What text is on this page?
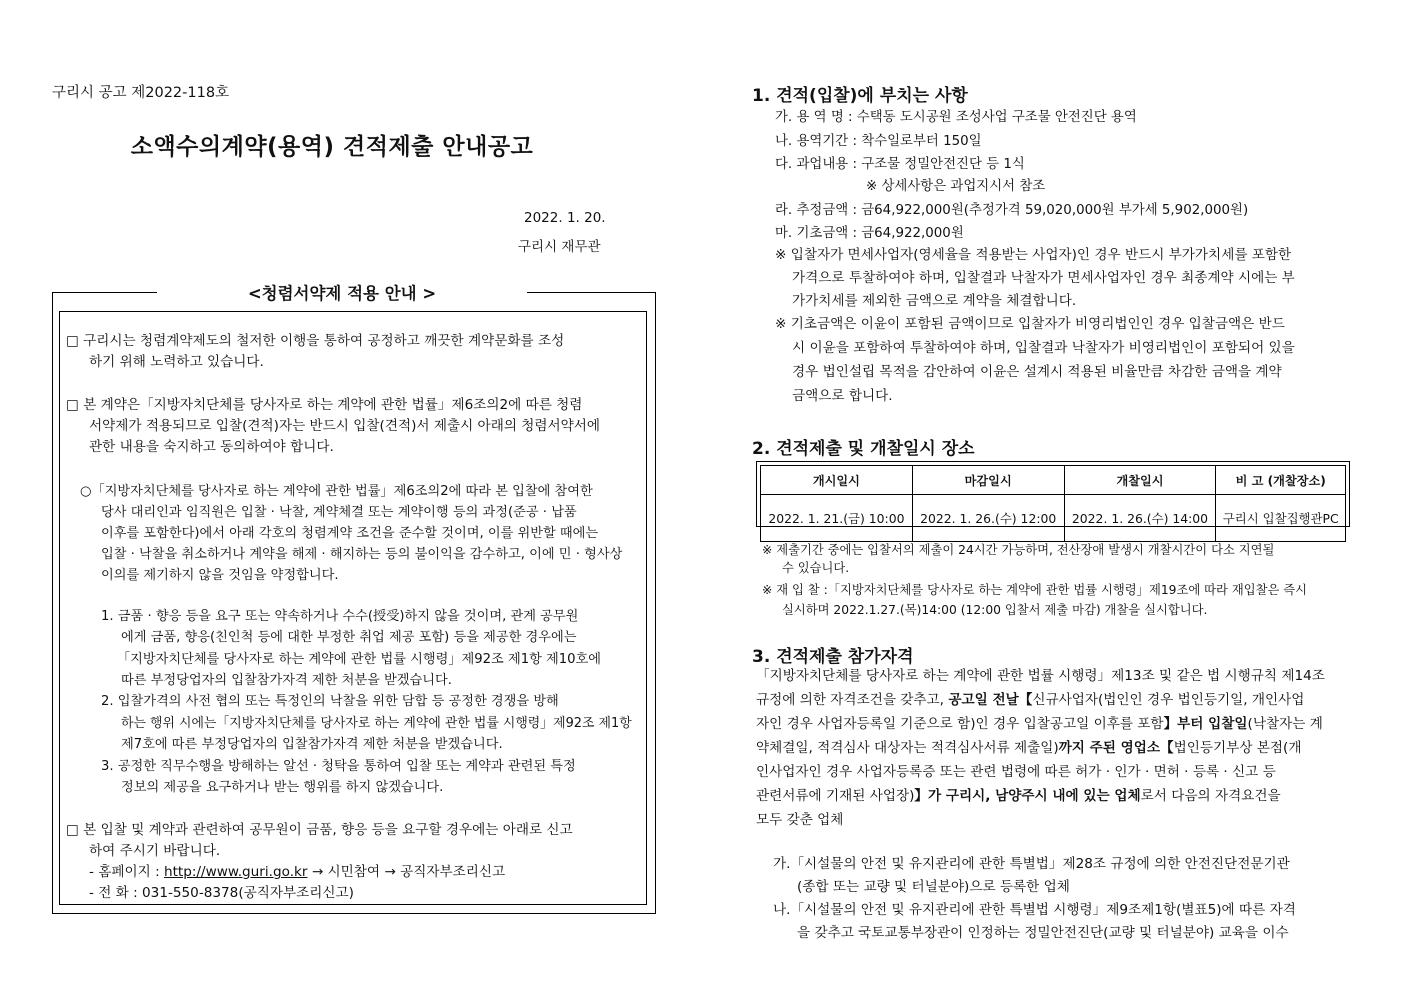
구리시 공고 제2022-118호
소액수의계약(용역) 견적제출 안내공고
2022. 1. 20.
구리시 재무관
<청렴서약제 적용 안내 >
□ 구리시는 청렴계약제도의 철저한 이행을 통하여 공정하고 깨끗한 계약문화를 조성
하기 위해 노력하고 있습니다.
□ 본 계약은「지방자치단체를 당사자로 하는 계약에 관한 법률」제6조의2에 따른 청렴
서약제가 적용되므로 입찰(견적)자는 반드시 입찰(견적)서 제출시 아래의 청렴서약서에
관한 내용을 숙지하고 동의하여야 합니다.
○「지방자치단체를 당사자로 하는 계약에 관한 법률」제6조의2에 따라 본 입찰에 참여한
당사 대리인과 임직원은 입찰 · 낙찰, 계약체결 또는 계약이행 등의 과정(준공 · 납품
이후를 포함한다)에서 아래 각호의 청렴계약 조건을 준수할 것이며, 이를 위반할 때에는
입찰 · 낙찰을 취소하거나 계약을 해제 · 해지하는 등의 불이익을 감수하고, 이에 민 · 형사상
이의를 제기하지 않을 것임을 약정합니다.
1. 금품 · 향응 등을 요구 또는 약속하거나 수수(授受)하지 않을 것이며, 관계 공무원
에게 금품, 향응(친인척 등에 대한 부정한 취업 제공 포함) 등을 제공한 경우에는
「지방자치단체를 당사자로 하는 계약에 관한 법률 시행령」제92조 제1항 제10호에
따른 부정당업자의 입찰참가자격 제한 처분을 받겠습니다.
2. 입찰가격의 사전 협의 또는 특정인의 낙찰을 위한 담합 등 공정한 경쟁을 방해
하는 행위 시에는「지방자치단체를 당사자로 하는 계약에 관한 법률 시행령」제92조 제1항
제7호에 따른 부정당업자의 입찰참가자격 제한 처분을 받겠습니다.
3. 공정한 직무수행을 방해하는 알선 · 청탁을 통하여 입찰 또는 계약과 관련된 특정
정보의 제공을 요구하거나 받는 행위를 하지 않겠습니다.
□ 본 입찰 및 계약과 관련하여 공무원이 금품, 향응 등을 요구할 경우에는 아래로 신고
하여 주시기 바랍니다.
- 홈페이지 : http://www.guri.go.kr → 시민참여 → 공직자부조리신고
- 전 화 : 031-550-8378(공직자부조리신고)
1. 견적(입찰)에 부치는 사항
가. 용 역 명 : 수택동 도시공원 조성사업 구조물 안전진단 용역
나. 용역기간 : 착수일로부터 150일
다. 과업내용 : 구조물 정밀안전진단 등 1식
※ 상세사항은 과업지시서 참조
라. 추정금액 : 금64,922,000원(추정가격 59,020,000원 부가세 5,902,000원)
마. 기초금액 : 금64,922,000원
※ 입찰자가 면세사업자(영세율을 적용받는 사업자)인 경우 반드시 부가가치세를 포함한
가격으로 투찰하여야 하며, 입찰결과 낙찰자가 면세사업자인 경우 최종계약 시에는 부
가가치세를 제외한 금액으로 계약을 체결합니다.
※ 기초금액은 이윤이 포함된 금액이므로 입찰자가 비영리법인인 경우 입찰금액은 반드
시 이윤을 포함하여 투찰하여야 하며, 입찰결과 낙찰자가 비영리법인이 포함되어 있을
경우 법인설립 목적을 감안하여 이윤은 설계시 적용된 비율만큼 차감한 금액을 계약
금액으로 합니다.
2. 견적제출 및 개찰일시 장소
개시일시	마감일시	개찰일시	비 고 (개찰장소)
2022. 1. 21.(금) 10:00	2022. 1. 26.(수) 12:00	2022. 1. 26.(수) 14:00	구리시 입찰집행관PC
※ 제출기간 중에는 입찰서의 제출이 24시간 가능하며, 전산장애 발생시 개찰시간이 다소 지연될
수 있습니다.
※ 재 입 찰 :「지방자치단체를 당사자로 하는 계약에 관한 법률 시행령」제19조에 따라 재입찰은 즉시
실시하며 2022.1.27.(목)14:00 (12:00 입찰서 제출 마감) 개찰을 실시합니다.
3. 견적제출 참가자격
「지방자치단체를 당사자로 하는 계약에 관한 법률 시행령」제13조 및 같은 법 시행규칙 제14조
규정에 의한 자격조건을 갖추고, 공고일 전날【신규사업자(법인인 경우 법인등기일, 개인사업
자인 경우 사업자등록일 기준으로 함)인 경우 입찰공고일 이후를 포함】부터 입찰일(낙찰자는 계
약체결일, 적격심사 대상자는 적격심사서류 제출일)까지 주된 영업소【법인등기부상 본점(개
인사업자인 경우 사업자등록증 또는 관련 법령에 따른 허가 · 인가 · 면허 · 등록 · 신고 등
관련서류에 기재된 사업장)】가 구리시, 남양주시 내에 있는 업체로서 다음의 자격요건을
모두 갖춘 업체
가.「시설물의 안전 및 유지관리에 관한 특별법」제28조 규정에 의한 안전진단전문기관
(종합 또는 교량 및 터널분야)으로 등록한 업체
나.「시설물의 안전 및 유지관리에 관한 특별법 시행령」제9조제1항(별표5)에 따른 자격
을 갖추고 국토교통부장관이 인정하는 정밀안전진단(교량 및 터널분야) 교육을 이수
